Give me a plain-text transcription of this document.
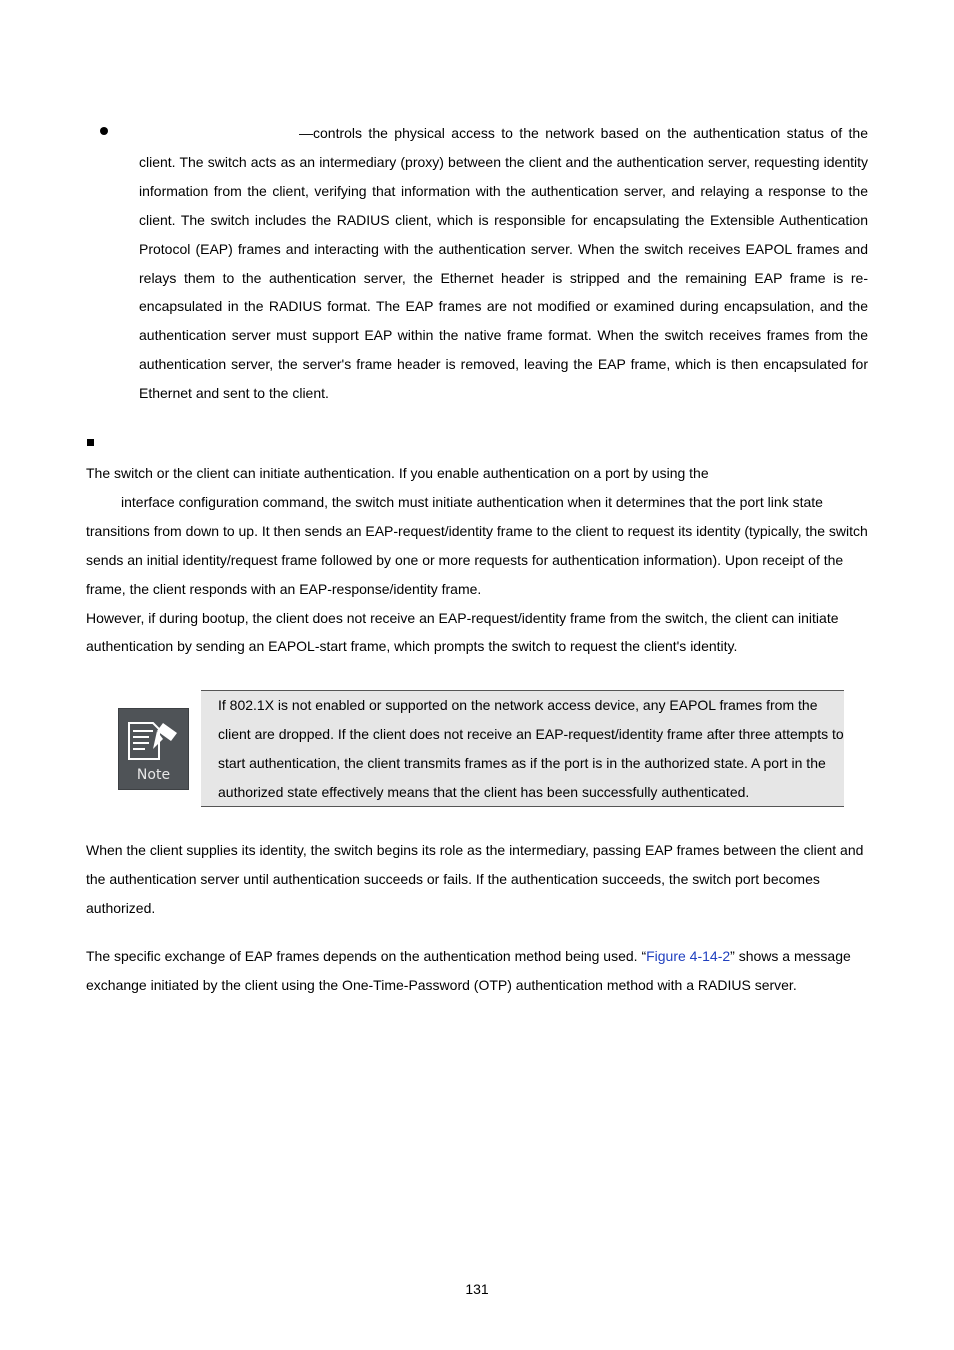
—controls the physical access to the network based on the authentication status of the client. The switch acts as an intermediary (proxy) between the client and the authentication server, requesting identity information from the client, verifying that information with the authentication server, and relaying a response to the client. The switch includes the RADIUS client, which is responsible for encapsulating the Extensible Authentication Protocol (EAP) frames and interacting with the authentication server. When the switch receives EAPOL frames and relays them to the authentication server, the Ethernet header is stripped and the remaining EAP frame is re-encapsulated in the RADIUS format. The EAP frames are not modified or examined during encapsulation, and the authentication server must support EAP within the native frame format. When the switch receives frames from the authentication server, the server's frame header is removed, leaving the EAP frame, which is then encapsulated for Ethernet and sent to the client.

The switch or the client can initiate authentication. If you enable authentication on a port by using the
interface configuration command, the switch must initiate authentication when it determines that the port link state transitions from down to up. It then sends an EAP-request/identity frame to the client to request its identity (typically, the switch sends an initial identity/request frame followed by one or more requests for authentication information). Upon receipt of the frame, the client responds with an EAP-response/identity frame.
However, if during bootup, the client does not receive an EAP-request/identity frame from the switch, the client can initiate authentication by sending an EAPOL-start frame, which prompts the switch to request the client's identity.

Note

If 802.1X is not enabled or supported on the network access device, any EAPOL frames from the client are dropped. If the client does not receive an EAP-request/identity frame after three attempts to start authentication, the client transmits frames as if the port is in the authorized state. A port in the authorized state effectively means that the client has been successfully authenticated.

When the client supplies its identity, the switch begins its role as the intermediary, passing EAP frames between the client and the authentication server until authentication succeeds or fails. If the authentication succeeds, the switch port becomes authorized.

The specific exchange of EAP frames depends on the authentication method being used. “Figure 4-14-2” shows a message exchange initiated by the client using the One-Time-Password (OTP) authentication method with a RADIUS server.

131
